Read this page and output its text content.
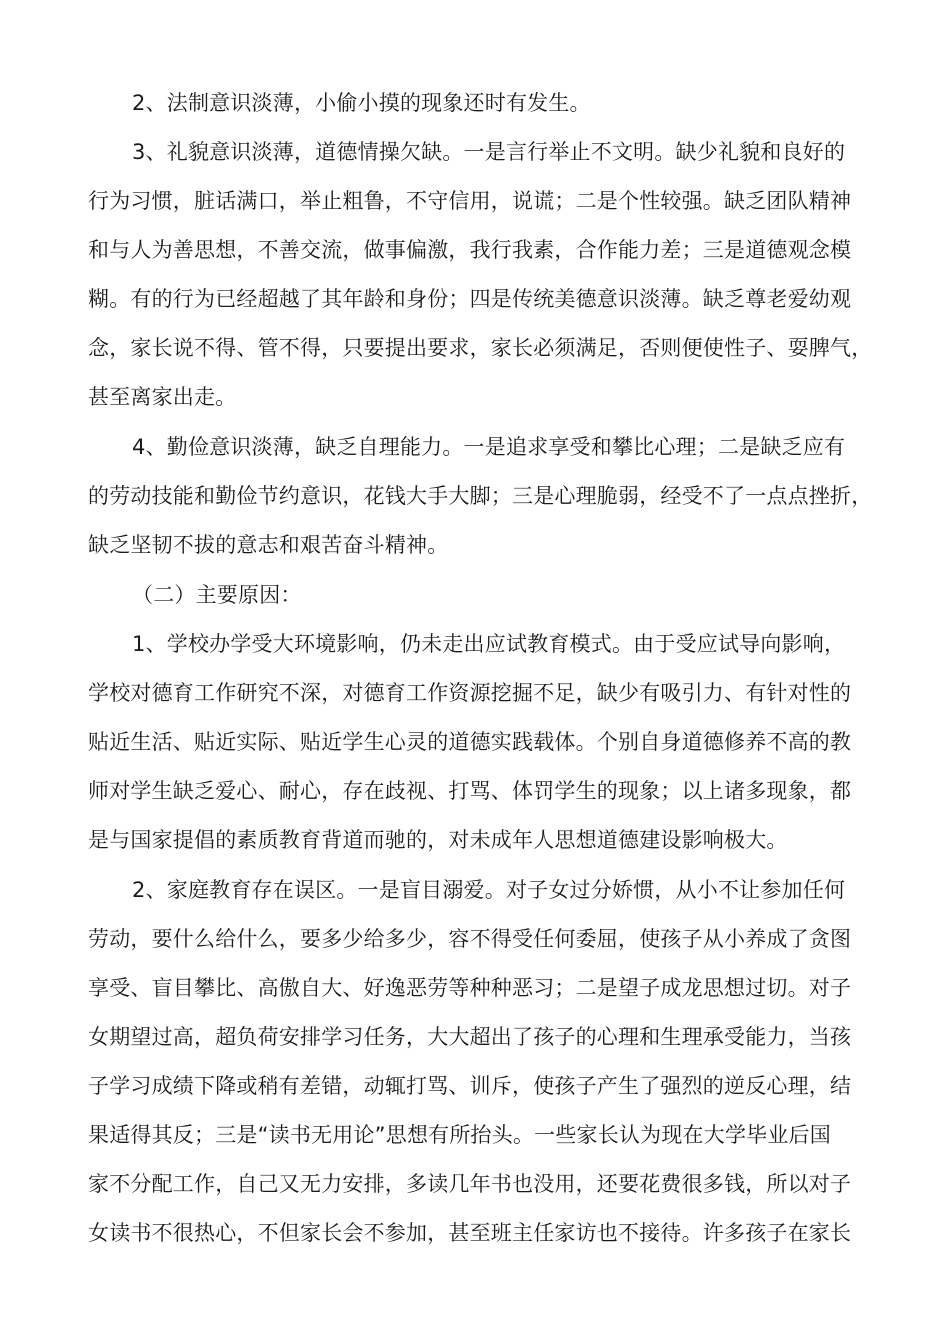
2、法制意识淡薄，小偷小摸的现象还时有发生。
3、礼貌意识淡薄，道德情操欠缺。一是言行举止不文明。缺少礼貌和良好的
行为习惯，脏话满口，举止粗鲁，不守信用，说谎；二是个性较强。缺乏团队精神
和与人为善思想，不善交流，做事偏激，我行我素，合作能力差；三是道德观念模
糊。有的行为已经超越了其年龄和身份；四是传统美德意识淡薄。缺乏尊老爱幼观
念，家长说不得、管不得，只要提出要求，家长必须满足，否则便使性子、耍脾气，
甚至离家出走。
4、勤俭意识淡薄，缺乏自理能力。一是追求享受和攀比心理；二是缺乏应有
的劳动技能和勤俭节约意识，花钱大手大脚；三是心理脆弱，经受不了一点点挫折，
缺乏坚韧不拔的意志和艰苦奋斗精神。
（二）主要原因：
1、学校办学受大环境影响，仍未走出应试教育模式。由于受应试导向影响，
学校对德育工作研究不深，对德育工作资源挖掘不足，缺少有吸引力、有针对性的
贴近生活、贴近实际、贴近学生心灵的道德实践载体。个别自身道德修养不高的教
师对学生缺乏爱心、耐心，存在歧视、打骂、体罚学生的现象；以上诸多现象，都
是与国家提倡的素质教育背道而驰的，对未成年人思想道德建设影响极大。
2、家庭教育存在误区。一是盲目溺爱。对子女过分娇惯，从小不让参加任何
劳动，要什么给什么，要多少给多少，容不得受任何委屈，使孩子从小养成了贪图
享受、盲目攀比、高傲自大、好逸恶劳等种种恶习；二是望子成龙思想过切。对子
女期望过高，超负荷安排学习任务，大大超出了孩子的心理和生理承受能力，当孩
子学习成绩下降或稍有差错，动辄打骂、训斥，使孩子产生了强烈的逆反心理，结
果适得其反；三是“读书无用论”思想有所抬头。一些家长认为现在大学毕业后国
家不分配工作，自己又无力安排，多读几年书也没用，还要花费很多钱，所以对子
女读书不很热心，不但家长会不参加，甚至班主任家访也不接待。许多孩子在家长
